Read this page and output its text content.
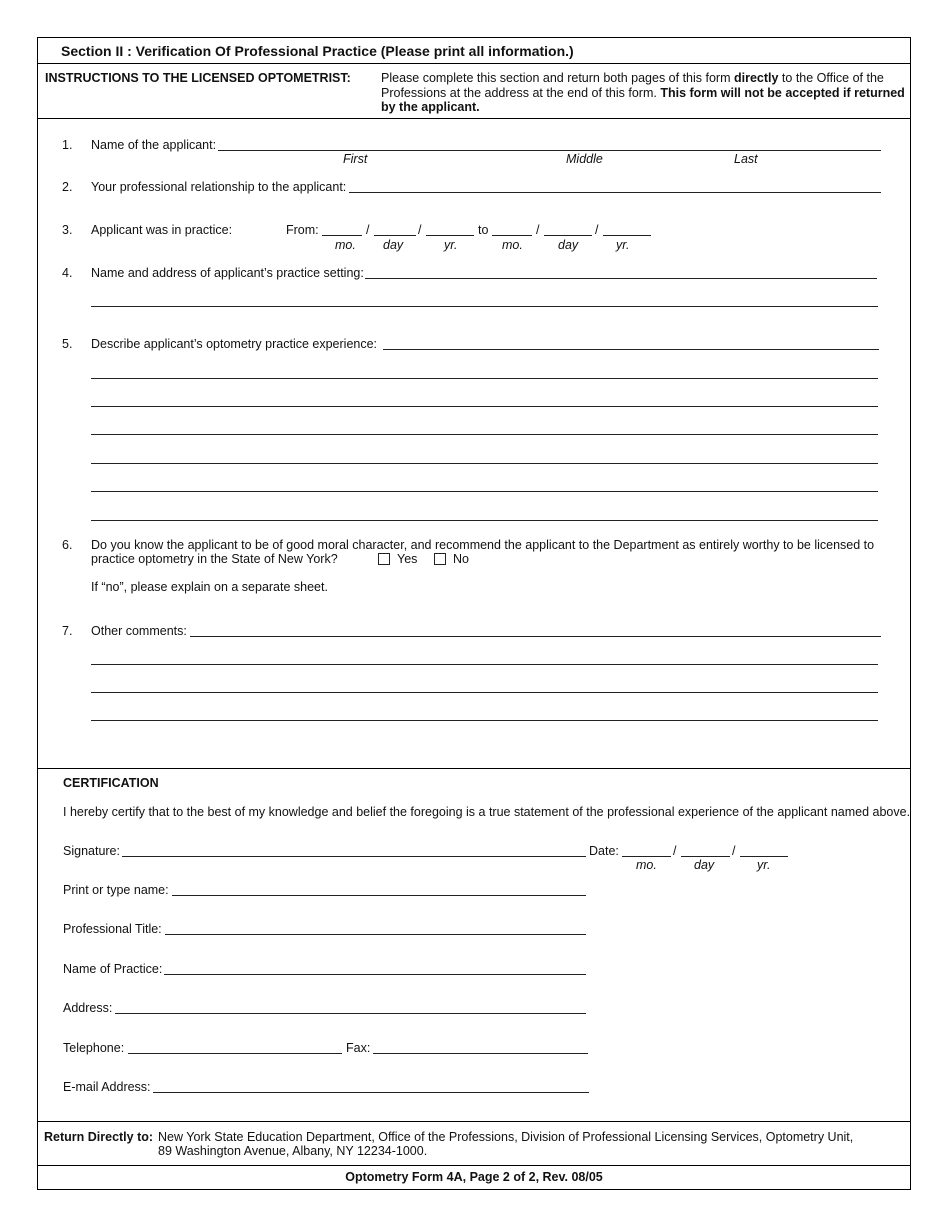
Section II : Verification Of Professional Practice (Please print all information.)
INSTRUCTIONS TO THE LICENSED OPTOMETRIST: Please complete this section and return both pages of this form directly to the Office of the
Professions at the address at the end of this form. This form will not be accepted if returned
by the applicant.
1. Name of the applicant:
First	Middle	Last
2. Your professional relationship to the applicant:
3. Applicant was in practice:	From:	/	/	to	/	/
mo. day	yr.	mo.	day	yr.
4. Name and address of applicant’s practice setting:
5. Describe applicant’s optometry practice experience:
6. Do you know the applicant to be of good moral character, and recommend the applicant to the Department as entirely worthy to be licensed to
practice optometry in the State of New York?	Yes	No
If “no”, please explain on a separate sheet.
7. Other comments:
CERTIFICATION
I hereby certify that to the best of my knowledge and belief the foregoing is a true statement of the professional experience of the applicant named above.
Signature:	Date:	/	/
mo.	day	yr.
Print or type name:
Professional Title:
Name of Practice:
Address:
Telephone:	Fax:
E-mail Address:
Return Directly to: New York State Education Department, Office of the Professions, Division of Professional Licensing Services, Optometry Unit,
89 Washington Avenue, Albany, NY 12234-1000.
Optometry Form 4A, Page 2 of 2, Rev. 08/05
